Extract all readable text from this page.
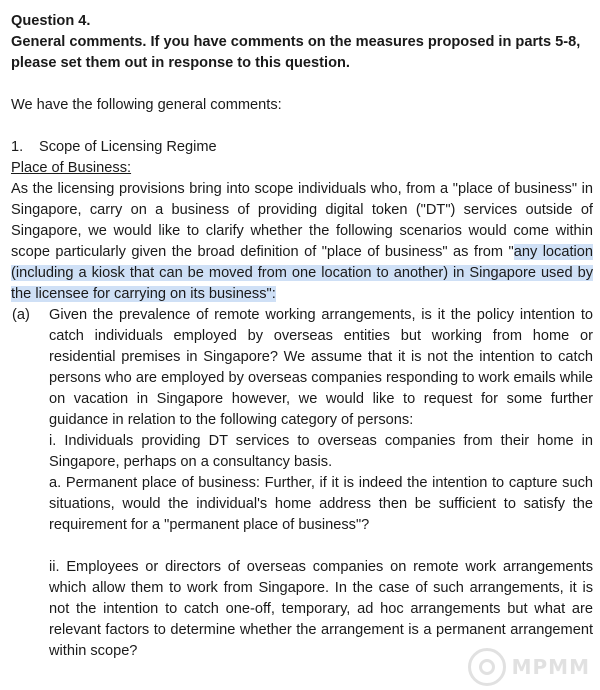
Question 4.

General comments. If you have comments on the measures proposed in parts 5-8, please set them out in response to this question.

We have the following general comments:

1.	Scope of Licensing Regime

Place of Business:

As the licensing provisions bring into scope individuals who, from a "place of business" in Singapore, carry on a business of providing digital token ("DT") services outside of Singapore, we would like to clarify whether the following scenarios would come within scope particularly given the broad definition of "place of business" as from "any location (including a kiosk that can be moved from one location to another) in Singapore used by the licensee for carrying on its business":

(a)	Given the prevalence of remote working arrangements, is it the policy intention to catch individuals employed by overseas entities but working from home or residential premises in Singapore? We assume that it is not the intention to catch persons who are employed by overseas companies responding to work emails while on vacation in Singapore however, we would like to request for some further guidance in relation to the following category of persons:

i. Individuals providing DT services to overseas companies from their home in Singapore, perhaps on a consultancy basis.

a. Permanent place of business: Further, if it is indeed the intention to capture such situations, would the individual's home address then be sufficient to satisfy the requirement for a "permanent place of business"?

ii. Employees or directors of overseas companies on remote work arrangements which allow them to work from Singapore. In the case of such arrangements, it is not the intention to catch one-off, temporary, ad hoc arrangements but what are relevant factors to determine whether the arrangement is a permanent arrangement within scope?

MPMM
